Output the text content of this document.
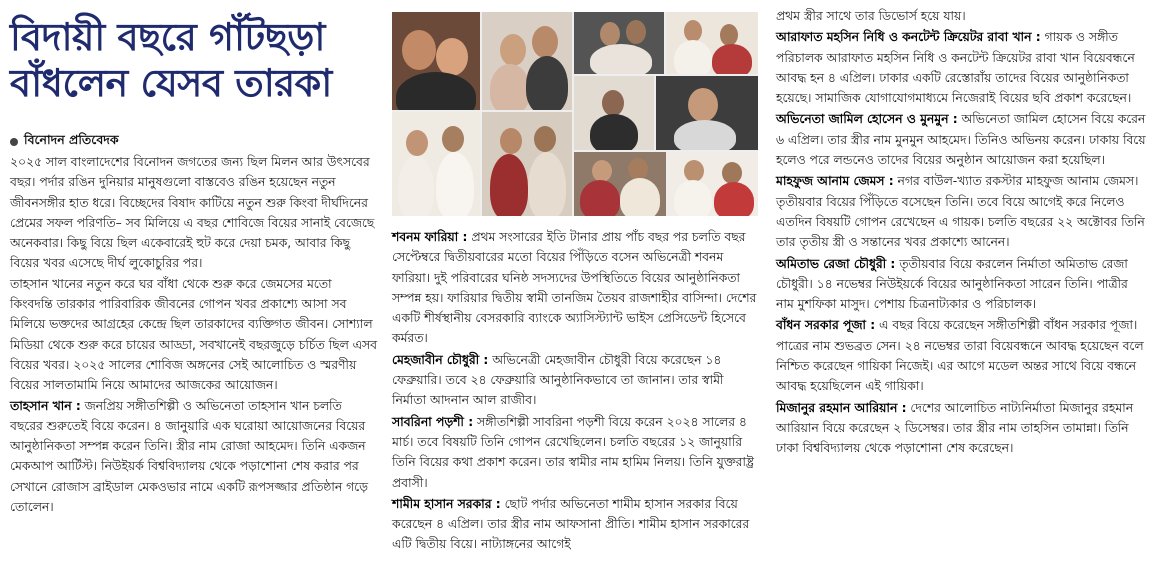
বিদায়ী বছরে গাঁটছড়া
বাঁধলেন যেসব তারকা
বিনোদন প্রতিবেদক

২০২৫ সাল বাংলাদেশের বিনোদন জগতের জন্য ছিল মিলন আর উৎসবের বছর। পর্দার রঙিন দুনিয়ার মানুষগুলো বাস্তবেও রঙিন হয়েছেন নতুন জীবনসঙ্গীর হাত ধরে। বিচ্ছেদের বিষাদ কাটিয়ে নতুন শুরু কিংবা দীর্ঘদিনের প্রেমের সফল পরিণতি– সব মিলিয়ে এ বছর শোবিজে বিয়ের সানাই বেজেছে অনেকবার। কিছু বিয়ে ছিল একেবারেই হুট করে দেয়া চমক, আবার কিছু বিয়ের খবর এসেছে দীর্ঘ লুকোচুরির পর।

তাহসান খানের নতুন করে ঘর বাঁধা থেকে শুরু করে জেমসের মতো কিংবদন্তি তারকার পারিবারিক জীবনের গোপন খবর প্রকাশ্যে আসা সব মিলিয়ে ভক্তদের আগ্রহের কেন্দ্রে ছিল তারকাদের ব্যক্তিগত জীবন। সোশ্যাল মিডিয়া থেকে শুরু করে চায়ের আড্ডা, সবখানেই বছরজুড়ে চর্চিত ছিল এসব বিয়ের খবর। ২০২৫ সালের শোবিজ অঙ্গনের সেই আলোচিত ও স্মরণীয় বিয়ের সালতামামি নিয়ে আমাদের আজকের আয়োজন।

তাহসান খান : জনপ্রিয় সঙ্গীতশিল্পী ও অভিনেতা তাহসান খান চলতি বছরের শুরুতেই বিয়ে করেন। ৪ জানুয়ারি এক ঘরোয়া আয়োজনের বিয়ের আনুষ্ঠানিকতা সম্পন্ন করেন তিনি। স্ত্রীর নাম রোজা আহমেদ। তিনি একজন মেকআপ আর্টিস্ট। নিউইয়র্ক বিশ্ববিদ্যালয় থেকে পড়াশোনা শেষ করার পর সেখানে রোজাস ব্রাইডাল মেকওভার নামে একটি রূপসজ্জার প্রতিষ্ঠান গড়ে তোলেন।

শবনম ফারিয়া : প্রথম সংসারের ইতি টানার প্রায় পাঁচ বছর পর চলতি বছর সেপ্টেম্বরে দ্বিতীয়বারের মতো বিয়ের পিঁড়িতে বসেন অভিনেত্রী শবনম ফারিয়া। দুই পরিবারের ঘনিষ্ঠ সদস্যদের উপস্থিতিতে বিয়ের আনুষ্ঠানিকতা সম্পন্ন হয়। ফারিয়ার দ্বিতীয় স্বামী তানজিম তৈয়ব রাজশাহীর বাসিন্দা। দেশের একটি শীর্ষস্থানীয় বেসরকারি ব্যাংকে অ্যাসিস্ট্যান্ট ভাইস প্রেসিডেন্ট হিসেবে কর্মরত।

মেহজাবীন চৌধুরী : অভিনেত্রী মেহজাবীন চৌধুরী বিয়ে করেছেন ১৪ ফেব্রুয়ারি। তবে ২৪ ফেব্রুয়ারি আনুষ্ঠানিকভাবে তা জানান। তার স্বামী নির্মাতা আদনান আল রাজীব।

সাবরিনা পড়শী : সঙ্গীতশিল্পী সাবরিনা পড়শী বিয়ে করেন ২০২৪ সালের ৪ মার্চ। তবে বিষয়টি তিনি গোপন রেখেছিলেন। চলতি বছরের ১২ জানুয়ারি তিনি বিয়ের কথা প্রকাশ করেন। তার স্বামীর নাম হামিম নিলয়। তিনি যুক্তরাষ্ট্র প্রবাসী।

শামীম হাসান সরকার : ছোট পর্দার অভিনেতা শামীম হাসান সরকার বিয়ে করেছেন ৪ এপ্রিল। তার স্ত্রীর নাম আফসানা প্রীতি। শামীম হাসান সরকারের এটি দ্বিতীয় বিয়ে। নাট্যাঙ্গনের আগেই

প্রথম স্ত্রীর সাথে তার ডিভোর্স হয়ে যায়।

আরাফাত মহসিন নিধি ও কনটেন্ট ক্রিয়েটর রাবা খান : গায়ক ও সঙ্গীত পরিচালক আরাফাত মহসিন নিধি ও কনটেন্ট ক্রিয়েটর রাবা খান বিয়েবন্ধনে আবদ্ধ হন ৪ এপ্রিল। ঢাকার একটি রেস্তোরাঁয় তাদের বিয়ের আনুষ্ঠানিকতা হয়েছে। সামাজিক যোগাযোগমাধ্যমে নিজেরাই বিয়ের ছবি প্রকাশ করেছেন।

অভিনেতা জামিল হোসেন ও মুনমুন : অভিনেতা জামিল হোসেন বিয়ে করেন ৬ এপ্রিল। তার স্ত্রীর নাম মুনমুন আহমেদ। তিনিও অভিনয় করেন। ঢাকায় বিয়ে হলেও পরে লন্ডনেও তাদের বিয়ের অনুষ্ঠান আয়োজন করা হয়েছিল।

মাহফুজ আনাম জেমস : নগর বাউল-খ্যাত রকস্টার মাহফুজ আনাম জেমস। তৃতীয়বার বিয়ের পিঁড়িতে বসেছেন তিনি। তবে বিয়ে আগেই করে নিলেও এতদিন বিষয়টি গোপন রেখেছেন এ গায়ক। চলতি বছরের ২২ অক্টোবর তিনি তার তৃতীয় স্ত্রী ও সন্তানের খবর প্রকাশ্যে আনেন।

অমিতাভ রেজা চৌধুরী : তৃতীয়বার বিয়ে করলেন নির্মাতা অমিতাভ রেজা চৌধুরী। ১৪ নভেম্বর নিউইয়র্কে বিয়ের আনুষ্ঠানিকতা সারেন তিনি। পাত্রীর নাম মুশফিকা মাসুদ। পেশায় চিত্রনাট্যকার ও পরিচালক।

বাঁধন সরকার পূজা : এ বছর বিয়ে করেছেন সঙ্গীতশিল্পী বাঁধন সরকার পূজা। পাত্রের নাম শুভব্রত সেন। ২৪ নভেম্বর তারা বিয়েবন্ধনে আবদ্ধ হয়েছেন বলে নিশ্চিত করেছেন গায়িকা নিজেই। এর আগে মডেল অন্তর সাথে বিয়ে বন্ধনে আবদ্ধ হয়েছিলেন এই গায়িকা।

মিজানুর রহমান আরিয়ান : দেশের আলোচিত নাট্যনির্মাতা মিজানুর রহমান আরিয়ান বিয়ে করেছেন ২ ডিসেম্বর। তার স্ত্রীর নাম তাহসিন তামান্না। তিনি ঢাকা বিশ্ববিদ্যালয় থেকে পড়াশোনা শেষ করেছেন।
